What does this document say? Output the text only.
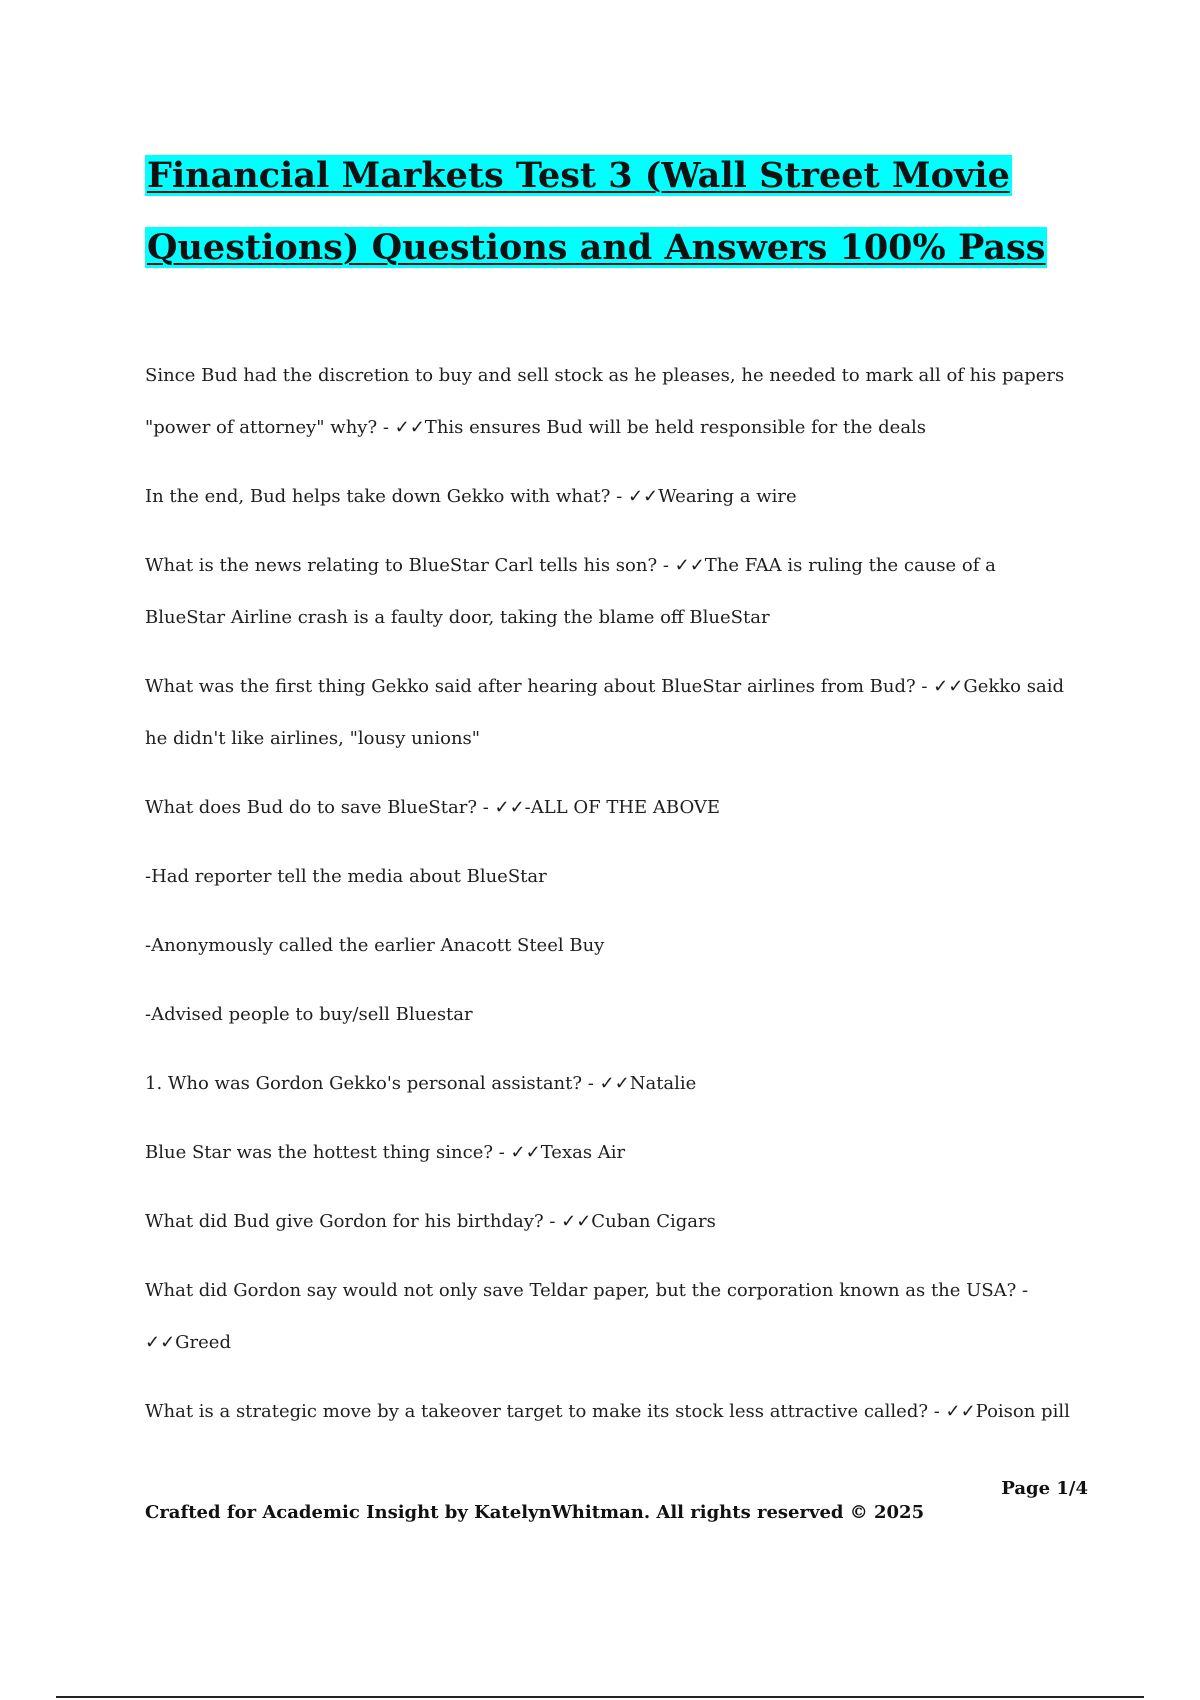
Financial Markets Test 3 (Wall Street Movie
Questions) Questions and Answers 100% Pass

Since Bud had the discretion to buy and sell stock as he pleases, he needed to mark all of his papers "power of attorney" why? - ✓✓This ensures Bud will be held responsible for the deals

In the end, Bud helps take down Gekko with what? - ✓✓Wearing a wire

What is the news relating to BlueStar Carl tells his son? - ✓✓The FAA is ruling the cause of a BlueStar Airline crash is a faulty door, taking the blame off BlueStar

What was the first thing Gekko said after hearing about BlueStar airlines from Bud? - ✓✓Gekko said he didn't like airlines, "lousy unions"

What does Bud do to save BlueStar? - ✓✓-ALL OF THE ABOVE

-Had reporter tell the media about BlueStar

-Anonymously called the earlier Anacott Steel Buy

-Advised people to buy/sell Bluestar

1. Who was Gordon Gekko's personal assistant? - ✓✓Natalie

Blue Star was the hottest thing since? - ✓✓Texas Air

What did Bud give Gordon for his birthday? - ✓✓Cuban Cigars

What did Gordon say would not only save Teldar paper, but the corporation known as the USA? - ✓✓Greed

What is a strategic move by a takeover target to make its stock less attractive called? - ✓✓Poison pill

Page 1/4
Crafted for Academic Insight by KatelynWhitman. All rights reserved © 2025
